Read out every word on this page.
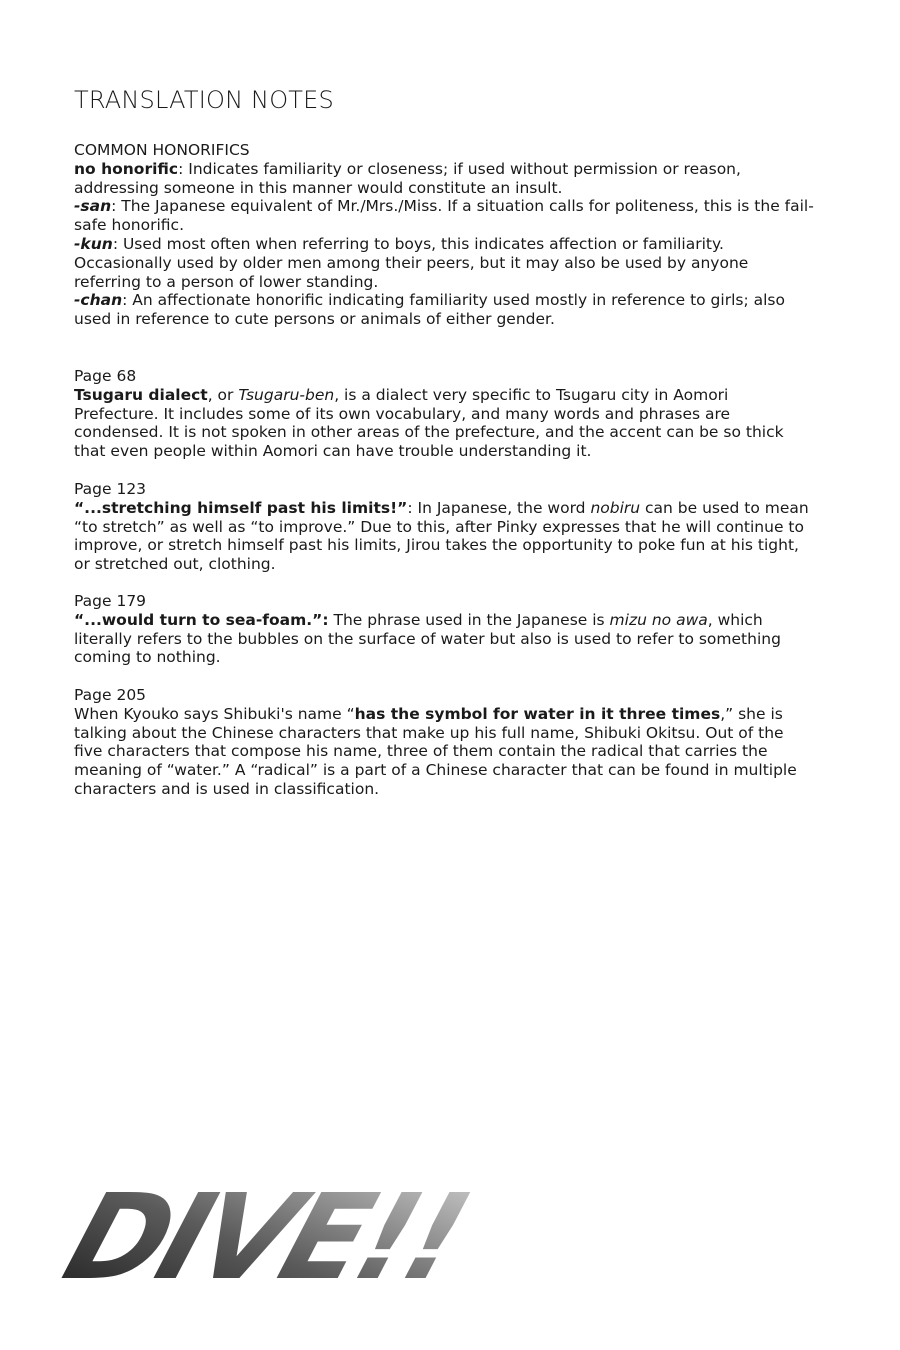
TRANSLATION NOTES

COMMON HONORIFICS

no honorific: Indicates familiarity or closeness; if used without permission or reason, addressing someone in this manner would constitute an insult.

-san: The Japanese equivalent of Mr./Mrs./Miss. If a situation calls for politeness, this is the fail-safe honorific.

-kun: Used most often when referring to boys, this indicates affection or familiarity. Occasionally used by older men among their peers, but it may also be used by anyone referring to a person of lower standing.

-chan: An affectionate honorific indicating familiarity used mostly in reference to girls; also used in reference to cute persons or animals of either gender.

Page 68

Tsugaru dialect, or Tsugaru-ben, is a dialect very specific to Tsugaru city in Aomori Prefecture. It includes some of its own vocabulary, and many words and phrases are condensed. It is not spoken in other areas of the prefecture, and the accent can be so thick that even people within Aomori can have trouble understanding it.

Page 123

“...stretching himself past his limits!”: In Japanese, the word nobiru can be used to mean “to stretch” as well as “to improve.” Due to this, after Pinky expresses that he will continue to improve, or stretch himself past his limits, Jirou takes the opportunity to poke fun at his tight, or stretched out, clothing.

Page 179

“...would turn to sea-foam.”: The phrase used in the Japanese is mizu no awa, which literally refers to the bubbles on the surface of water but also is used to refer to something coming to nothing.

Page 205

When Kyouko says Shibuki's name “has the symbol for water in it three times,” she is talking about the Chinese characters that make up his full name, Shibuki Okitsu. Out of the five characters that compose his name, three of them contain the radical that carries the meaning of “water.” A “radical” is a part of a Chinese character that can be found in multiple characters and is used in classification.

DIVE!!
